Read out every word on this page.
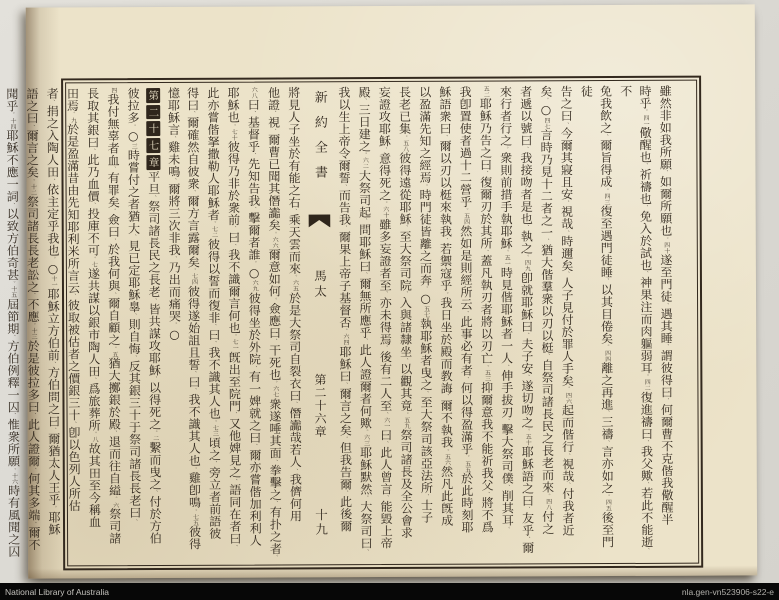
雖然非如我所願、如爾所願也。四十遂至門徒、遇其睡、謂彼得曰、何爾曹不克偕我儆醒半
時乎。四一儆醒也、祈禱也、免入於試也、神果注而肉軀弱耳。四二復進禱曰、我父歟、若此不能逝、不
免我飲之、爾旨得成。四三復至遇門徒睡、以其目倦矣。四四離之再進、三禱、言亦如之。四五後至門徒
告之曰、今爾其寢且安、視哉、時邇矣、人子見付於罪人手矣。四六起而偕行、視哉、付我者近
矣。○四七言時乃見十二者之一、猶大偕羣衆以刃以梃、自祭司諸長民之長老而來。四八付之
者遞以號曰、我接吻者是也、執之。四九卽就耶穌曰、夫子安、遂切吻之。五十耶穌語之曰、友乎、爾
來行者行之。衆則前措手執耶穌。五一時見偕耶穌者一人、伸手拔刃、擊大祭司僕、削其耳。
五二耶穌乃告之曰、復爾刃於其所、蓋凡執刃者將以刃亡。五三抑爾意我不能祈我父、將不爲
我卽置使者過十二營乎。五四然如是則經所云、此事必有者、何以得盈滿乎。五五於此時刻耶
穌語衆曰、爾以刃以梃來執我、若禦寇乎。我日坐於殿而教誨、爾不執我。五六然凡此旣成
以盈滿先知之經焉。時門徒皆離之而奔。○五七執耶穌者曳之、至大祭司該亞法所、士子
長老已集。五八彼得遠從耶穌、至大祭司院、入與諸隸坐、以觀其竟。五九祭司諸長及全公會求
妄證攻耶穌、意得死之。六十雖多妄證者至、亦未得焉。後有二人至、六一曰、此人曾言、能毀上帝
殿、三日建之。六二大祭司起、問耶穌曰、爾無所應乎、此人證爾者何歟。六三耶穌默然。大祭司曰、
我以生上帝令爾誓、而告我、爾果上帝子基督否。六四耶穌曰、爾言之矣。但我告爾、此後爾
新約全書  馬太 第二十六章 十九
將見人子坐於有能之右、乘天雲而來。六五於是大祭司自裂衣曰、僭讟哉若人、我儕何用
他證、視、爾曹已聞其僭讟矣。六六爾意如何。僉應曰、干死也。六七衆遂唾其面、拳擊之、有扑之者。
六八曰、基督乎、先知告我、擊爾者誰。○六九彼得坐於外院、有一婢就之曰、爾亦嘗偕加利利人
耶穌也。七十彼得乃非於衆前、曰、我不識爾言何也。七一旣出至院門、又他婢見之、語同在者曰、
此亦嘗偕拏撒勒人耶穌者。七二彼得以誓而復非、曰、我不識其人也。七三頃之、旁立者前語彼
得曰、爾確然自彼衆、爾方言露爾矣。七四彼得遂始詛且誓、曰、我不識其人也。雞卽鳴。七五彼得
憶耶穌言、雞未鳴、爾將三次非我、乃出而痛哭。○
第二十七章平旦、祭司諸長民之長老、皆共謀攻耶穌、以得死之。二繫而曳之、付於方伯
彼拉多。○三時嘗付之者猶大、見已定耶穌辠、則自悔、反其銀三十于祭司諸長長老曰、
四我付無辜者血、有罪矣。僉曰、於我何與、爾自顧之。五猶大擲銀於殿、退而往自縊。六祭司諸
長取其銀曰、此乃血價、投庫不可。七遂共謀以銀市陶人田、爲旅葬所。八故其田至今稱血
田焉。九於是盈滿昔由先知耶利米所言云、彼取被估者之價銀三十、卽以色列人所估
者、捐之入陶人田、依主定乎我也。○十一耶穌立方伯前、方伯問之曰、爾猶太人王乎。耶穌
語之曰、爾言之矣。十二祭司諸長長老訟之、不應。十三於是彼拉多曰、此人證爾、何其多端、爾不
聞乎。十四耶穌不應一詞、以致方伯奇甚。十五屆節期、方伯例釋一囚、惟衆所願。十六時有風聞之囚
National Library of Australia	nla.gen-vn523906-s22-e
